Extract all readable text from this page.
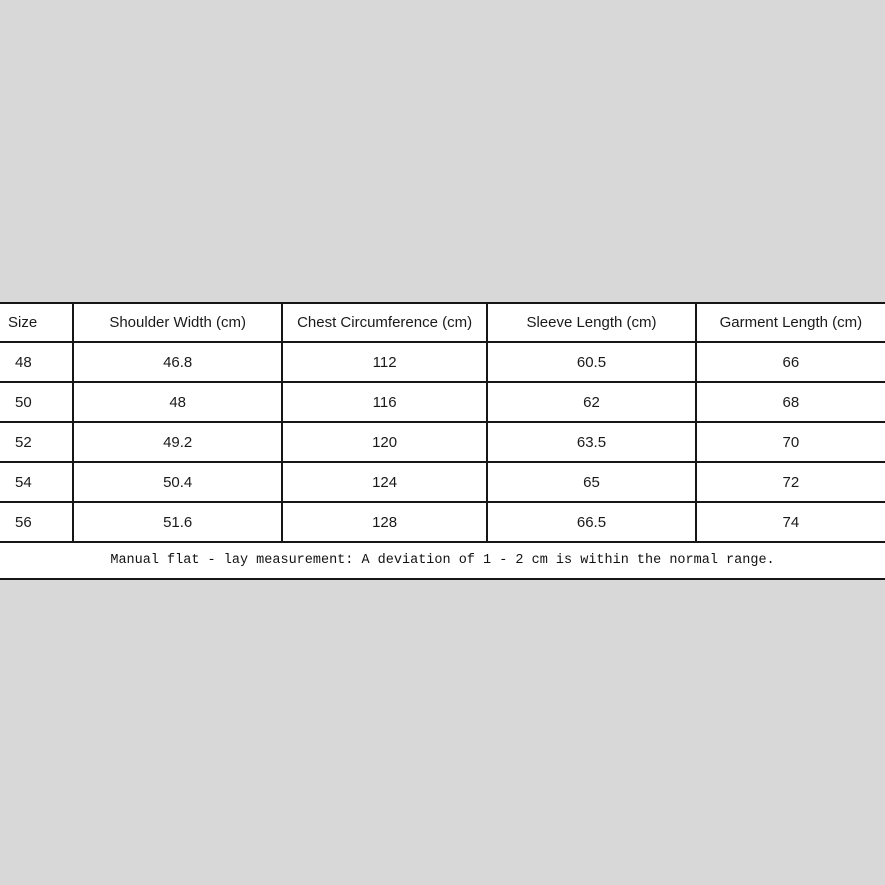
Size	Shoulder Width (cm)	Chest Circumference (cm)	Sleeve Length (cm)	Garment Length (cm)
48	46.8	112	60.5	66
50	48	116	62	68
52	49.2	120	63.5	70
54	50.4	124	65	72
56	51.6	128	66.5	74
Manual flat - lay measurement: A deviation of 1 - 2 cm is within the normal range.				
